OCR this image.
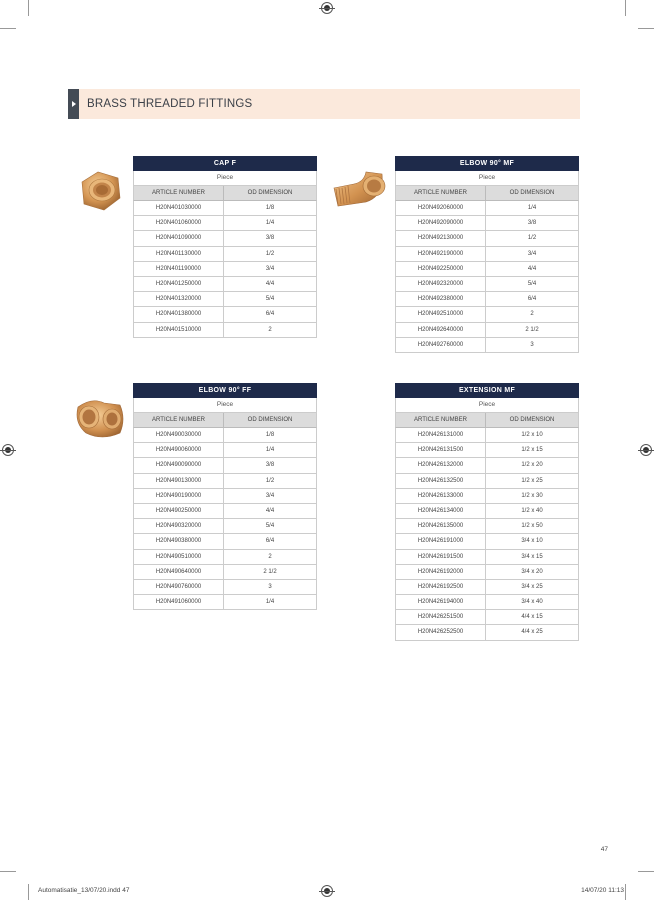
BRASS THREADED FITTINGS
CAP F
Piece
ARTICLE NUMBER	OD DIMENSION
H20N401030000	1/8
H20N401060000	1/4
H20N401090000	3/8
H20N401130000	1/2
H20N401190000	3/4
H20N401250000	4/4
H20N401320000	5/4
H20N401380000	6/4
H20N401510000	2
ELBOW 90° MF
Piece
ARTICLE NUMBER	OD DIMENSION
H20N492060000	1/4
H20N492090000	3/8
H20N492130000	1/2
H20N492190000	3/4
H20N492250000	4/4
H20N492320000	5/4
H20N492380000	6/4
H20N492510000	2
H20N492640000	2 1/2
H20N492760000	3
ELBOW 90° FF
Piece
ARTICLE NUMBER	OD DIMENSION
H20N490030000	1/8
H20N490060000	1/4
H20N490090000	3/8
H20N490130000	1/2
H20N490190000	3/4
H20N490250000	4/4
H20N490320000	5/4
H20N490380000	6/4
H20N490510000	2
H20N490640000	2 1/2
H20N490760000	3
H20N491060000	1/4
EXTENSION MF
Piece
ARTICLE NUMBER	OD DIMENSION
H20N426131000	1/2 x 10
H20N426131500	1/2 x 15
H20N426132000	1/2 x 20
H20N426132500	1/2 x 25
H20N426133000	1/2 x 30
H20N426134000	1/2 x 40
H20N426135000	1/2 x 50
H20N426191000	3/4 x 10
H20N426191500	3/4 x 15
H20N426192000	3/4 x 20
H20N426192500	3/4 x 25
H20N426194000	3/4 x 40
H20N426251500	4/4 x 15
H20N426252500	4/4 x 25
47
Automatisatie_13/07/20.indd 47	14/07/20 11:13
